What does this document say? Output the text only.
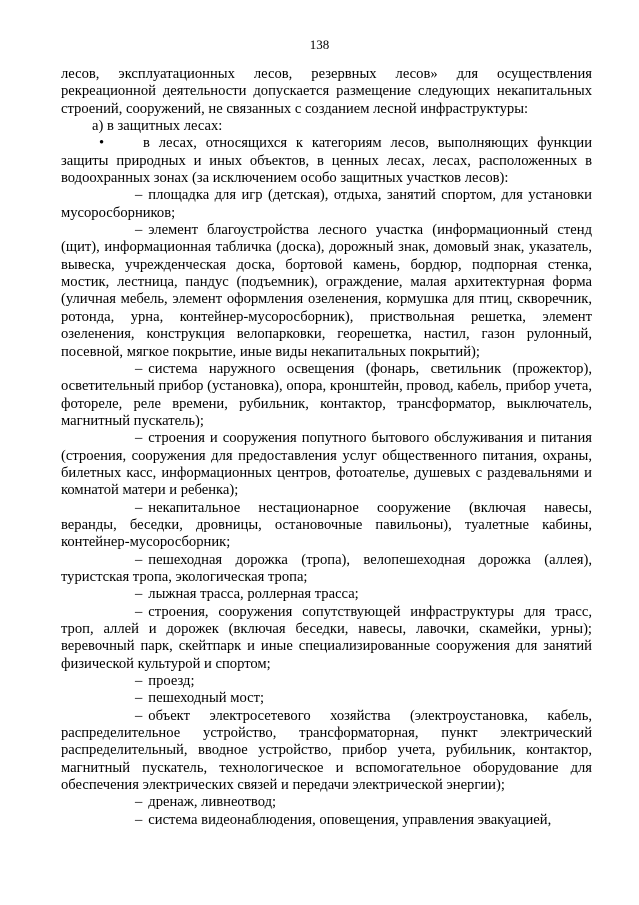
138

лесов, эксплуатационных лесов, резервных лесов» для осуществления рекреационной деятельности допускается размещение следующих некапитальных строений, сооружений, не связанных с созданием лесной инфраструктуры:

а) в защитных лесах:

•	в лесах, относящихся к категориям лесов, выполняющих функции защиты природных и иных объектов, в ценных лесах, лесах, расположенных в водоохранных зонах (за исключением особо защитных участков лесов):

– площадка для игр (детская), отдыха, занятий спортом, для установки мусоросборников;

– элемент благоустройства лесного участка (информационный стенд (щит), информационная табличка (доска), дорожный знак, домовый знак, указатель, вывеска, учрежденческая доска, бортовой камень, бордюр, подпорная стенка, мостик, лестница, пандус (подъемник), ограждение, малая архитектурная форма (уличная мебель, элемент оформления озеленения, кормушка для птиц, скворечник, ротонда, урна, контейнер-мусоросборник), приствольная решетка, элемент озеленения, конструкция велопарковки, георешетка, настил, газон рулонный, посевной, мягкое покрытие, иные виды некапитальных покрытий);

– система наружного освещения (фонарь, светильник (прожектор), осветительный прибор (установка), опора, кронштейн, провод, кабель, прибор учета, фотореле, реле времени, рубильник, контактор, трансформатор, выключатель, магнитный пускатель);

– строения и сооружения попутного бытового обслуживания и питания (строения, сооружения для предоставления услуг общественного питания, охраны, билетных касс, информационных центров, фотоателье, душевых с раздевальнями и комнатой матери и ребенка);

– некапитальное нестационарное сооружение (включая навесы, веранды, беседки, дровницы, остановочные павильоны), туалетные кабины, контейнер-мусоросборник;

– пешеходная дорожка (тропа), велопешеходная дорожка (аллея), туристская тропа, экологическая тропа;

– лыжная трасса, роллерная трасса;

– строения, сооружения сопутствующей инфраструктуры для трасс, троп, аллей и дорожек (включая беседки, навесы, лавочки, скамейки, урны); веревочный парк, скейтпарк и иные специализированные сооружения для занятий физической культурой и спортом;

– проезд;

– пешеходный мост;

– объект электросетевого хозяйства (электроустановка, кабель, распределительное устройство, трансформаторная, пункт электрический распределительный, вводное устройство, прибор учета, рубильник, контактор, магнитный пускатель, технологическое и вспомогательное оборудование для обеспечения электрических связей и передачи электрической энергии);

– дренаж, ливнеотвод;

– система видеонаблюдения, оповещения, управления эвакуацией,
